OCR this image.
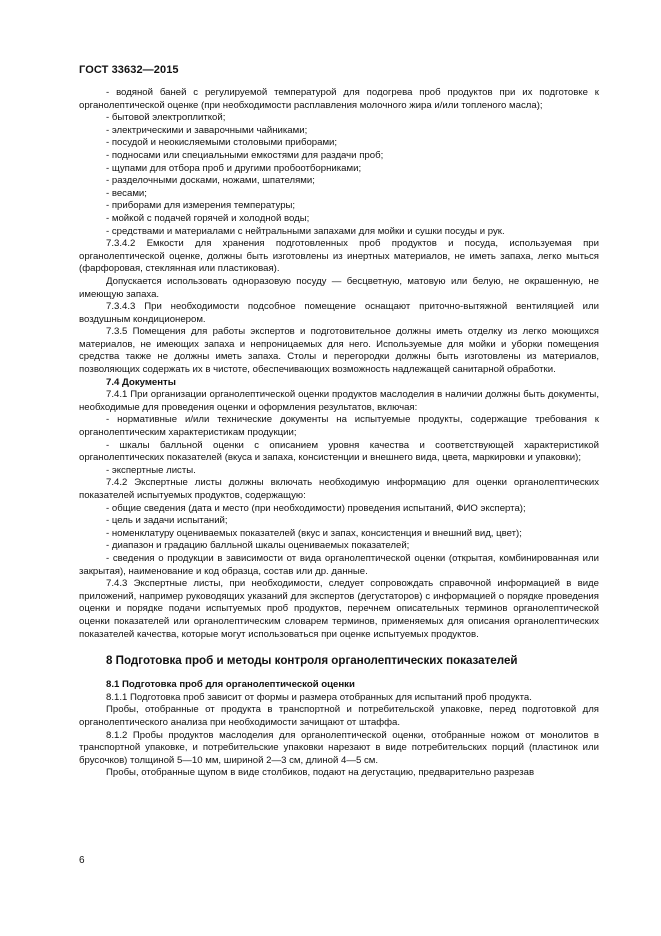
ГОСТ 33632—2015

- водяной баней с регулируемой температурой для подогрева проб продуктов при их подготовке к органолептической оценке (при необходимости расплавления молочного жира и/или топленого масла);

- бытовой электроплиткой;

- электрическими и заварочными чайниками;

- посудой и неокисляемыми столовыми приборами;

- подносами или специальными емкостями для раздачи проб;

- щупами для отбора проб и другими пробоотборниками;

- разделочными досками, ножами, шпателями;

- весами;

- приборами для измерения температуры;

- мойкой с подачей горячей и холодной воды;

- средствами и материалами с нейтральными запахами для мойки и сушки посуды и рук.

7.3.4.2 Емкости для хранения подготовленных проб продуктов и посуда, используемая при органолептической оценке, должны быть изготовлены из инертных материалов, не иметь запаха, легко мыться (фарфоровая, стеклянная или пластиковая).

Допускается использовать одноразовую посуду — бесцветную, матовую или белую, не окрашенную, не имеющую запаха.

7.3.4.3 При необходимости подсобное помещение оснащают приточно-вытяжной вентиляцией или воздушным кондиционером.

7.3.5 Помещения для работы экспертов и подготовительное должны иметь отделку из легко моющихся материалов, не имеющих запаха и непроницаемых для него. Используемые для мойки и уборки помещения средства также не должны иметь запаха. Столы и перегородки должны быть изготовлены из материалов, позволяющих содержать их в чистоте, обеспечивающих возможность надлежащей санитарной обработки.

7.4 Документы

7.4.1 При организации органолептической оценки продуктов маслоделия в наличии должны быть документы, необходимые для проведения оценки и оформления результатов, включая:

- нормативные и/или технические документы на испытуемые продукты, содержащие требования к органолептическим характеристикам продукции;

- шкалы балльной оценки с описанием уровня качества и соответствующей характеристикой органолептических показателей (вкуса и запаха, консистенции и внешнего вида, цвета, маркировки и упаковки);

- экспертные листы.

7.4.2 Экспертные листы должны включать необходимую информацию для оценки органолептических показателей испытуемых продуктов, содержащую:

- общие сведения (дата и место (при необходимости) проведения испытаний, ФИО эксперта);

- цель и задачи испытаний;

- номенклатуру оцениваемых показателей (вкус и запах, консистенция и внешний вид, цвет);

- диапазон и градацию балльной шкалы оцениваемых показателей;

- сведения о продукции в зависимости от вида органолептической оценки (открытая, комбинированная или закрытая), наименование и код образца, состав или др. данные.

7.4.3 Экспертные листы, при необходимости, следует сопровождать справочной информацией в виде приложений, например руководящих указаний для экспертов (дегустаторов) с информацией о порядке проведения оценки и порядке подачи испытуемых проб продуктов, перечнем описательных терминов органолептической оценки показателей или органолептическим словарем терминов, применяемых для описания органолептических показателей качества, которые могут использоваться при оценке испытуемых продуктов.

8 Подготовка проб и методы контроля органолептических показателей

8.1 Подготовка проб для органолептической оценки

8.1.1 Подготовка проб зависит от формы и размера отобранных для испытаний проб продукта.

Пробы, отобранные от продукта в транспортной и потребительской упаковке, перед подготовкой для органолептического анализа при необходимости зачищают от штаффа.

8.1.2 Пробы продуктов маслоделия для органолептической оценки, отобранные ножом от монолитов в транспортной упаковке, и потребительские упаковки нарезают в виде потребительских порций (пластинок или брусочков) толщиной 5—10 мм, шириной 2—3 см, длиной 4—5 см.

Пробы, отобранные щупом в виде столбиков, подают на дегустацию, предварительно разрезав

6
